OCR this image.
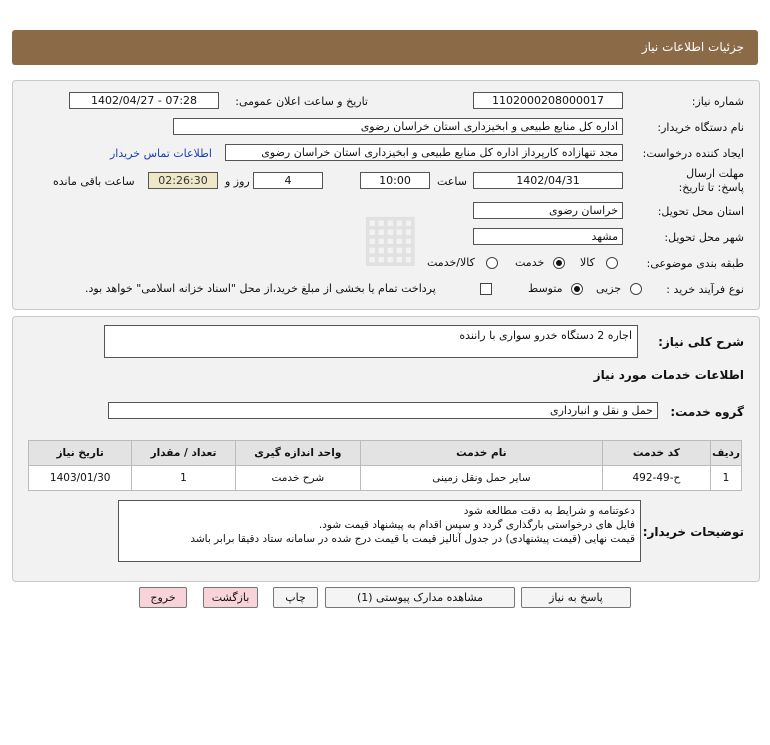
جزئیات اطلاعات نیاز
شماره نیاز:
1102000208000017
تاریخ و ساعت اعلان عمومی:
1402/04/27 - 07:28
نام دستگاه خریدار:
اداره کل منابع طبیعی و ابخیزداری استان خراسان رضوی
ایجاد کننده درخواست:
مجد تنهازاده کارپرداز اداره کل منابع طبیعی و ابخیزداری استان خراسان رضوی
اطلاعات تماس خریدار
مهلت ارسال پاسخ: تا تاریخ:
1402/04/31
ساعت
10:00
4
روز و
02:26:30
ساعت باقی مانده
استان محل تحویل:
خراسان رضوی
شهر محل تحویل:
مشهد
طبقه بندی موضوعی:
کالا
خدمت
کالا/خدمت
نوع فرآیند خرید :
جزیی
متوسط
پرداخت تمام یا بخشی از مبلغ خرید،از محل "اسناد خزانه اسلامی" خواهد بود.
شرح کلی نیاز:
اجاره 2 دستگاه خدرو سواری با راننده
اطلاعات خدمات مورد نیاز
گروه خدمت:
حمل و نقل و انبارداری
ردیف	کد خدمت	نام خدمت	واحد اندازه گیری	تعداد / مقدار	تاریخ نیاز
1	ح-49-492	سایر حمل ونقل زمینی	شرح خدمت	1	1403/01/30
توضیحات خریدار:
دعوتنامه و شرایط به دقت مطالعه شود
فایل های درخواستی بارگذاری گردد و سپس اقدام به پیشنهاد قیمت شود.
قیمت نهایی (قیمت پیشنهادی) در جدول آنالیز قیمت با قیمت درج شده در سامانه ستاد دقیقا برابر باشد
پاسخ به نیاز
مشاهده مدارک پیوستی (1)
چاپ
بازگشت
خروج
